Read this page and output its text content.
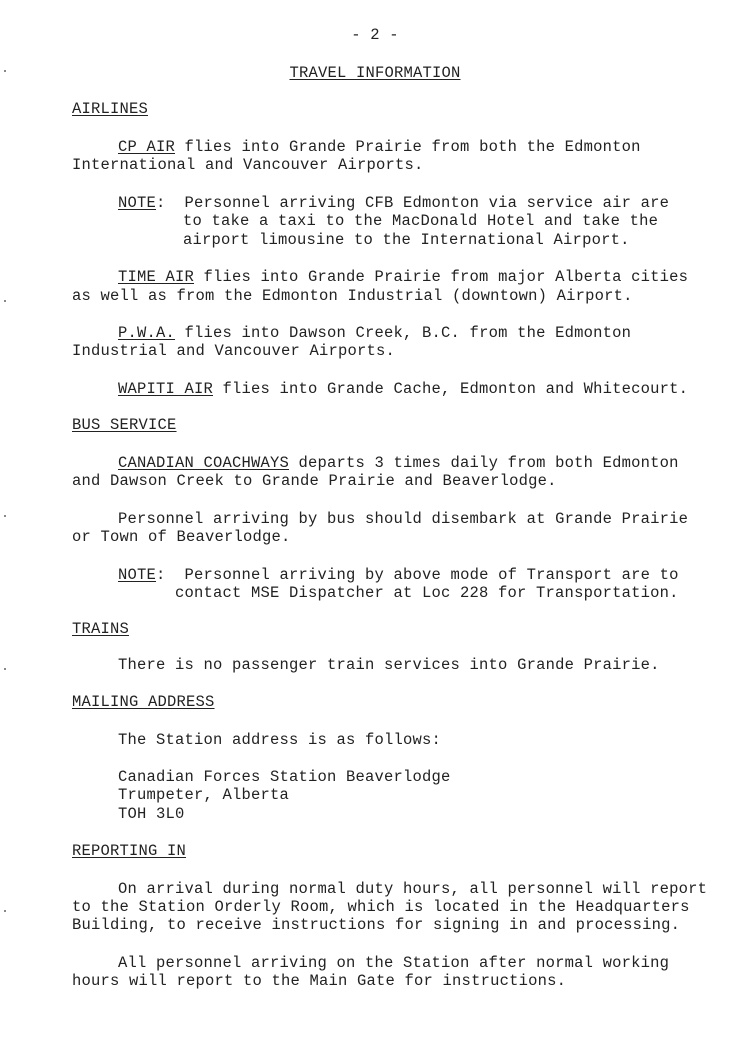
- 2 -
TRAVEL INFORMATION
AIRLINES
CP AIR flies into Grande Prairie from both the Edmonton
International and Vancouver Airports.
NOTE:  Personnel arriving CFB Edmonton via service air are
to take a taxi to the MacDonald Hotel and take the
airport limousine to the International Airport.
TIME AIR flies into Grande Prairie from major Alberta cities
as well as from the Edmonton Industrial (downtown) Airport.
P.W.A. flies into Dawson Creek, B.C. from the Edmonton
Industrial and Vancouver Airports.
WAPITI AIR flies into Grande Cache, Edmonton and Whitecourt.
BUS SERVICE
CANADIAN COACHWAYS departs 3 times daily from both Edmonton
and Dawson Creek to Grande Prairie and Beaverlodge.
Personnel arriving by bus should disembark at Grande Prairie
or Town of Beaverlodge.
NOTE:  Personnel arriving by above mode of Transport are to
contact MSE Dispatcher at Loc 228 for Transportation.
TRAINS
There is no passenger train services into Grande Prairie.
MAILING ADDRESS
The Station address is as follows:
Canadian Forces Station Beaverlodge
Trumpeter, Alberta
TOH 3L0
REPORTING IN
On arrival during normal duty hours, all personnel will report
to the Station Orderly Room, which is located in the Headquarters
Building, to receive instructions for signing in and processing.
All personnel arriving on the Station after normal working
hours will report to the Main Gate for instructions.
